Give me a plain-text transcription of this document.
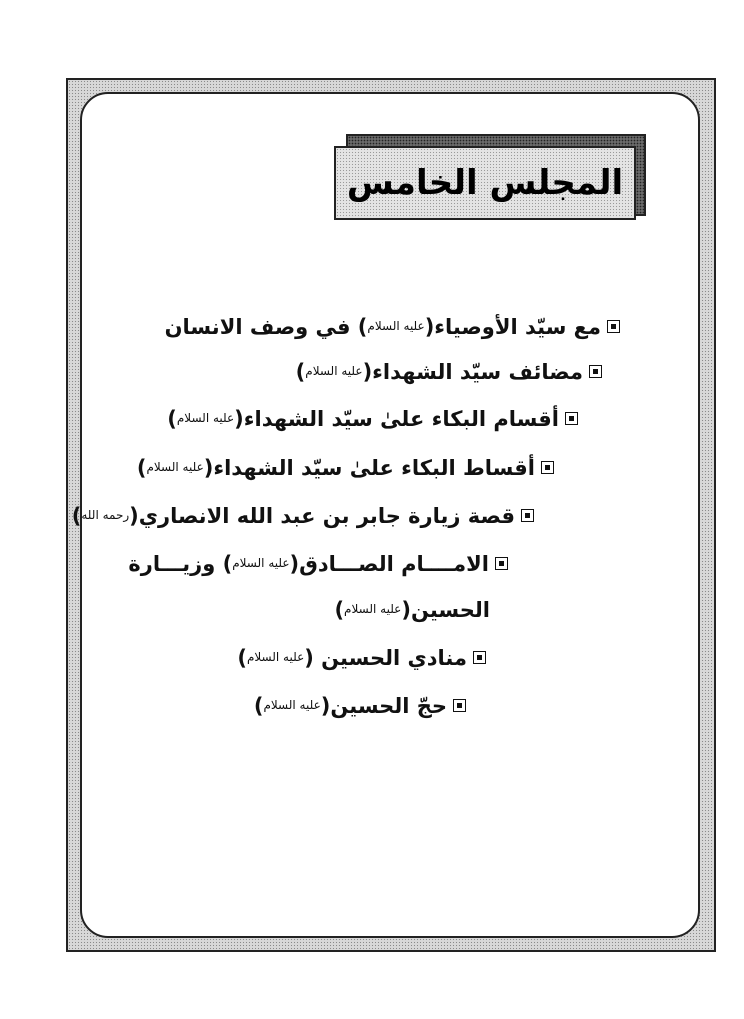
المجلس الخامس
مع سيّد الأوصياء(عليه السلام) في وصف الانسان
مضائف سيّد الشهداء(عليه السلام)
أقسام البكاء علىٰ سيّد الشهداء(عليه السلام)
أقساط البكاء علىٰ سيّد الشهداء(عليه السلام)
قصة زيارة جابر بن عبد الله الانصاري(رحمه الله)
الامــــام الصـــادق(عليه السلام) وزيـــارة
الحسين(عليه السلام)
منادي الحسين (عليه السلام)
حجّ الحسين(عليه السلام)
